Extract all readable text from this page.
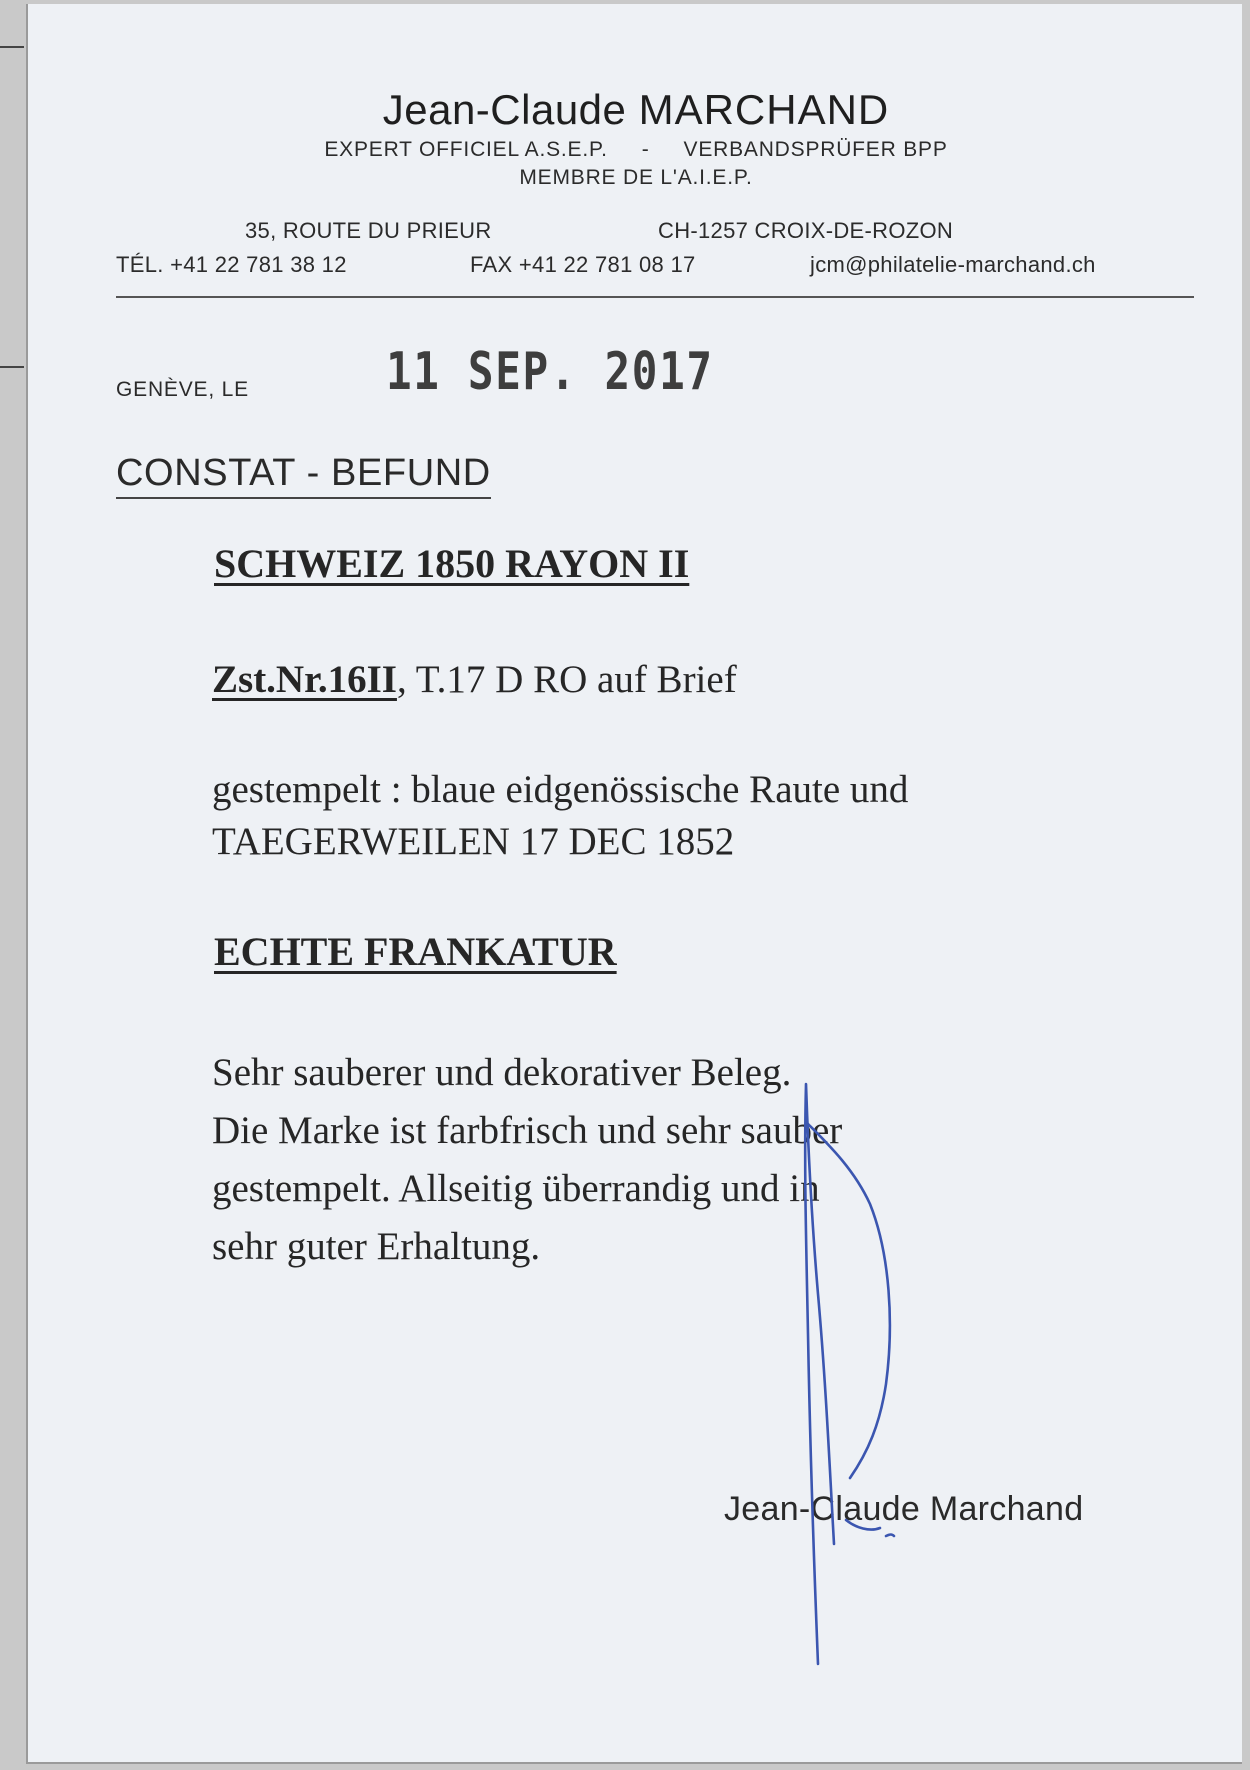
Jean-Claude MARCHAND
EXPERT OFFICIEL A.S.E.P. - VERBANDSPRÜFER BPP
MEMBRE DE L'A.I.E.P.
35, ROUTE DU PRIEUR	CH-1257 CROIX-DE-ROZON
TÉL. +41 22 781 38 12	FAX +41 22 781 08 17	jcm@philatelie-marchand.ch
GENÈVE, LE	11 SEP. 2017
CONSTAT - BEFUND
SCHWEIZ 1850 RAYON II
Zst.Nr.16II, T.17 D RO auf Brief
gestempelt : blaue eidgenössische Raute und
TAEGERWEILEN 17 DEC 1852
ECHTE FRANKATUR
Sehr sauberer und dekorativer Beleg.
Die Marke ist farbfrisch und sehr sauber
gestempelt. Allseitig überrandig und in
sehr guter Erhaltung.
Jean-Claude Marchand
